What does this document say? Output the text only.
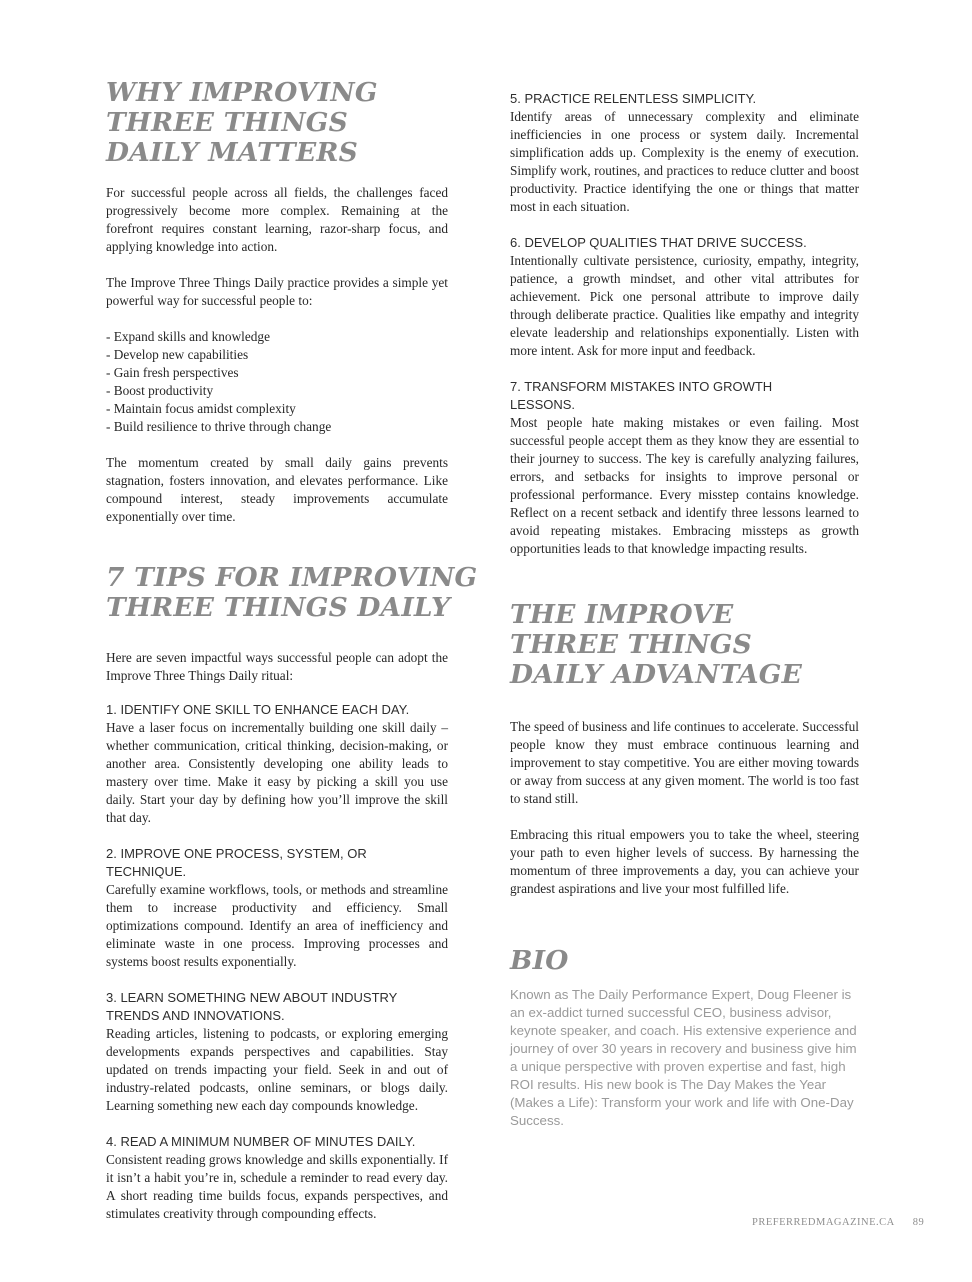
WHY IMPROVING
THREE THINGS
DAILY MATTERS

For successful people across all fields, the challenges faced progressively become more complex. Remaining at the forefront requires constant learning, razor-sharp focus, and applying knowledge into action.

The Improve Three Things Daily practice provides a simple yet powerful way for successful people to:

- Expand skills and knowledge
- Develop new capabilities
- Gain fresh perspectives
- Boost productivity
- Maintain focus amidst complexity
- Build resilience to thrive through change

The momentum created by small daily gains prevents stagnation, fosters innovation, and elevates performance. Like compound interest, steady improvements accumulate exponentially over time.

7 TIPS FOR IMPROVING
THREE THINGS DAILY

Here are seven impactful ways successful people can adopt the Improve Three Things Daily ritual:

1. IDENTIFY ONE SKILL TO ENHANCE EACH DAY.

Have a laser focus on incrementally building one skill daily – whether communication, critical thinking, decision-making, or another area. Consistently developing one ability leads to mastery over time. Make it easy by picking a skill you use daily. Start your day by defining how you’ll improve the skill that day.

2. IMPROVE ONE PROCESS, SYSTEM, OR TECHNIQUE.

Carefully examine workflows, tools, or methods and streamline them to increase productivity and efficiency. Small optimizations compound. Identify an area of inefficiency and eliminate waste in one process. Improving processes and systems boost results exponentially.

3. LEARN SOMETHING NEW ABOUT INDUSTRY TRENDS AND INNOVATIONS.

Reading articles, listening to podcasts, or exploring emerging developments expands perspectives and capabilities. Stay updated on trends impacting your field. Seek in and out of industry-related podcasts, online seminars, or blogs daily. Learning something new each day compounds knowledge.

4. READ A MINIMUM NUMBER OF MINUTES DAILY.

Consistent reading grows knowledge and skills exponentially. If it isn’t a habit you’re in, schedule a reminder to read every day. A short reading time builds focus, expands perspectives, and stimulates creativity through compounding effects.

5. PRACTICE RELENTLESS SIMPLICITY.

Identify areas of unnecessary complexity and eliminate inefficiencies in one process or system daily. Incremental simplification adds up. Complexity is the enemy of execution. Simplify work, routines, and practices to reduce clutter and boost productivity. Practice identifying the one or things that matter most in each situation.

6. DEVELOP QUALITIES THAT DRIVE SUCCESS.

Intentionally cultivate persistence, curiosity, empathy, integrity, patience, a growth mindset, and other vital attributes for achievement. Pick one personal attribute to improve daily through deliberate practice. Qualities like empathy and integrity elevate leadership and relationships exponentially. Listen with more intent. Ask for more input and feedback.

7. TRANSFORM MISTAKES INTO GROWTH LESSONS.

Most people hate making mistakes or even failing. Most successful people accept them as they know they are essential to their journey to success. The key is carefully analyzing failures, errors, and setbacks for insights to improve personal or professional performance. Every misstep contains knowledge. Reflect on a recent setback and identify three lessons learned to avoid repeating mistakes. Embracing missteps as growth opportunities leads to that knowledge impacting results.

THE IMPROVE
THREE THINGS
DAILY ADVANTAGE

The speed of business and life continues to accelerate. Successful people know they must embrace continuous learning and improvement to stay competitive. You are either moving towards or away from success at any given moment. The world is too fast to stand still.

Embracing this ritual empowers you to take the wheel, steering your path to even higher levels of success. By harnessing the momentum of three improvements a day, you can achieve your grandest aspirations and live your most fulfilled life.

BIO

Known as The Daily Performance Expert, Doug Fleener is an ex-addict turned successful CEO, business advisor, keynote speaker, and coach. His extensive experience and journey of over 30 years in recovery and business give him a unique perspective with proven expertise and fast, high ROI results. His new book is The Day Makes the Year (Makes a Life): Transform your work and life with One-Day Success.

PREFERREDMAGAZINE.CA 89
